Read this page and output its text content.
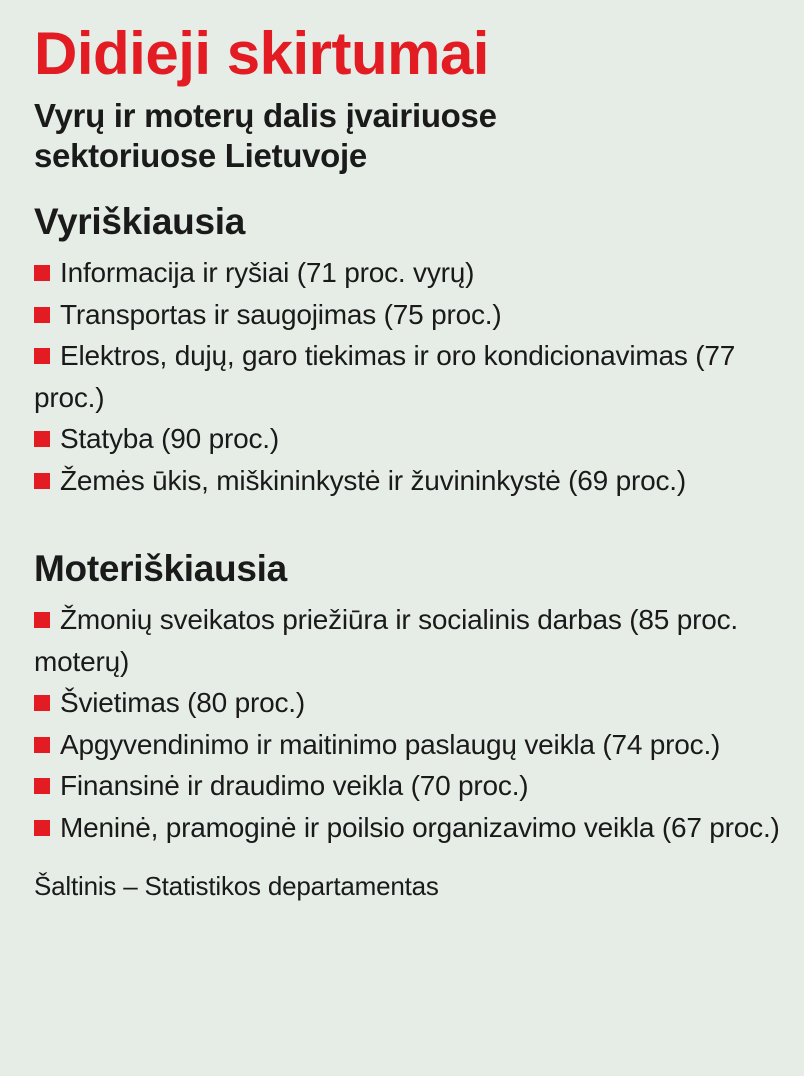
Didieji skirtumai
Vyrų ir moterų dalis įvairiuose
sektoriuose Lietuvoje
Vyriškiausia
Informacija ir ryšiai (71 proc. vyrų)
Transportas ir saugojimas (75 proc.)
Elektros, dujų, garo tiekimas ir oro kondicionavimas (77 proc.)
Statyba (90 proc.)
Žemės ūkis, miškininkystė ir žuvininkystė (69 proc.)
Moteriškiausia
Žmonių sveikatos priežiūra ir socialinis darbas (85 proc. moterų)
Švietimas (80 proc.)
Apgyvendinimo ir maitinimo paslaugų veikla (74 proc.)
Finansinė ir draudimo veikla (70 proc.)
Meninė, pramoginė ir poilsio organizavimo veikla (67 proc.)
Šaltinis – Statistikos departamentas
